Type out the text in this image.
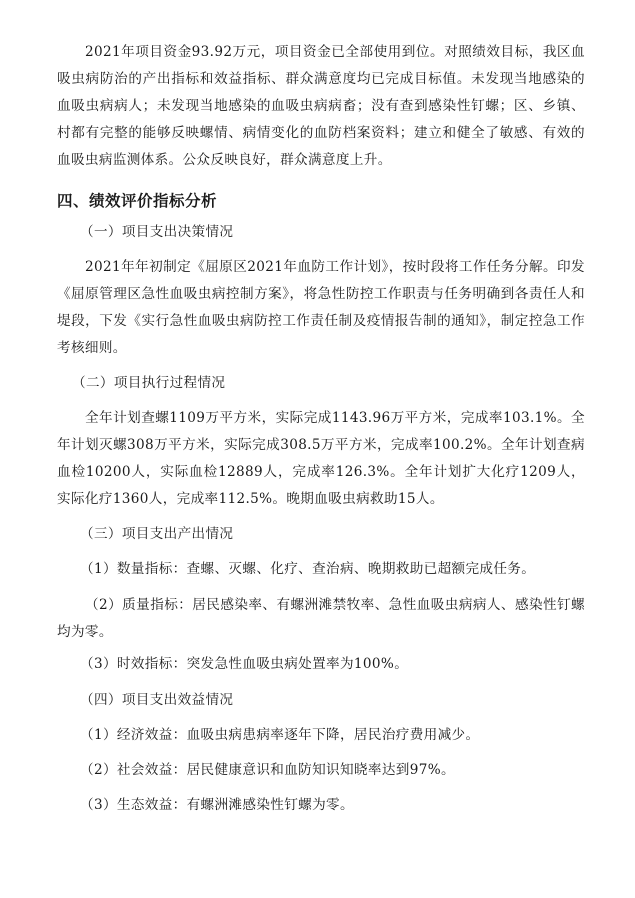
2021年项目资金93.92万元，项目资金已全部使用到位。对照绩效目标，我区血吸虫病防治的产出指标和效益指标、群众满意度均已完成目标值。未发现当地感染的血吸虫病病人；未发现当地感染的血吸虫病病畜；没有查到感染性钉螺；区、乡镇、村都有完整的能够反映螺情、病情变化的血防档案资料；建立和健全了敏感、有效的血吸虫病监测体系。公众反映良好，群众满意度上升。

四、绩效评价指标分析

（一）项目支出决策情况

2021年年初制定《屈原区2021年血防工作计划》，按时段将工作任务分解。印发《屈原管理区急性血吸虫病控制方案》，将急性防控工作职责与任务明确到各责任人和堤段，下发《实行急性血吸虫病防控工作责任制及疫情报告制的通知》，制定控急工作考核细则。

（二）项目执行过程情况

全年计划查螺1109万平方米，实际完成1143.96万平方米，完成率103.1%。全年计划灭螺308万平方米，实际完成308.5万平方米，完成率100.2%。全年计划查病血检10200人，实际血检12889人，完成率126.3%。全年计划扩大化疗1209人，实际化疗1360人，完成率112.5%。晚期血吸虫病救助15人。

（三）项目支出产出情况

（1）数量指标：查螺、灭螺、化疗、查治病、晚期救助已超额完成任务。

（2）质量指标：居民感染率、有螺洲滩禁牧率、急性血吸虫病病人、感染性钉螺均为零。

（3）时效指标：突发急性血吸虫病处置率为100%。

（四）项目支出效益情况

（1）经济效益：血吸虫病患病率逐年下降，居民治疗费用减少。

（2）社会效益：居民健康意识和血防知识知晓率达到97%。

（3）生态效益：有螺洲滩感染性钉螺为零。
